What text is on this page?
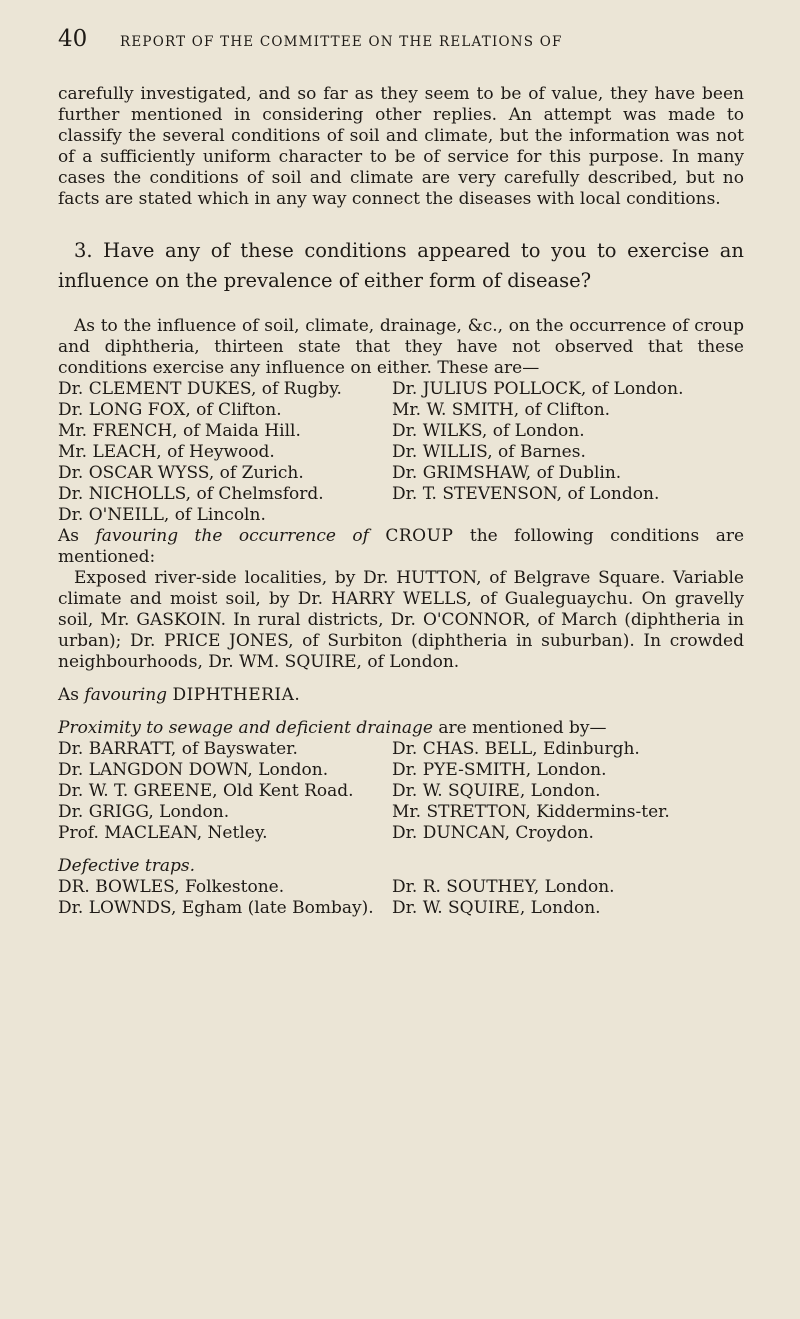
40 REPORT OF THE COMMITTEE ON THE RELATIONS OF

carefully investigated, and so far as they seem to be of value, they have been further mentioned in considering other replies. An attempt was made to classify the several conditions of soil and climate, but the information was not of a sufficiently uniform character to be of service for this purpose. In many cases the conditions of soil and climate are very carefully described, but no facts are stated which in any way connect the diseases with local conditions.

3. Have any of these conditions appeared to you to exercise an influence on the prevalence of either form of disease?

As to the influence of soil, climate, drainage, &c., on the occurrence of croup and diphtheria, thirteen state that they have not observed that these conditions exercise any influence on either. These are—

Dr. CLEMENT DUKES, of Rugby.
Dr. LONG FOX, of Clifton.
Mr. FRENCH, of Maida Hill.
Mr. LEACH, of Heywood.
Dr. OSCAR WYSS, of Zurich.
Dr. NICHOLLS, of Chelmsford.
Dr. O'NEILL, of Lincoln.
Dr. JULIUS POLLOCK, of London.
Mr. W. SMITH, of Clifton.
Dr. WILKS, of London.
Dr. WILLIS, of Barnes.
Dr. GRIMSHAW, of Dublin.
Dr. T. STEVENSON, of London.

As favouring the occurrence of CROUP the following conditions are mentioned:

Exposed river-side localities, by Dr. HUTTON, of Belgrave Square. Variable climate and moist soil, by Dr. HARRY WELLS, of Gualeguaychu. On gravelly soil, Mr. GASKOIN. In rural districts, Dr. O'CONNOR, of March (diphtheria in urban); Dr. PRICE JONES, of Surbiton (diphtheria in suburban). In crowded neighbourhoods, Dr. WM. SQUIRE, of London.

As favouring DIPHTHERIA.

Proximity to sewage and deficient drainage are mentioned by—

Dr. BARRATT, of Bayswater.
Dr. LANGDON DOWN, London.
Dr. W. T. GREENE, Old Kent Road.
Dr. GRIGG, London.
Prof. MACLEAN, Netley.
Dr. CHAS. BELL, Edinburgh.
Dr. PYE-SMITH, London.
Dr. W. SQUIRE, London.
Mr. STRETTON, Kiddermins-ter.
Dr. DUNCAN, Croydon.

Defective traps.

DR. BOWLES, Folkestone.
Dr. LOWNDS, Egham (late Bombay).
Dr. R. SOUTHEY, London.
Dr. W. SQUIRE, London.
